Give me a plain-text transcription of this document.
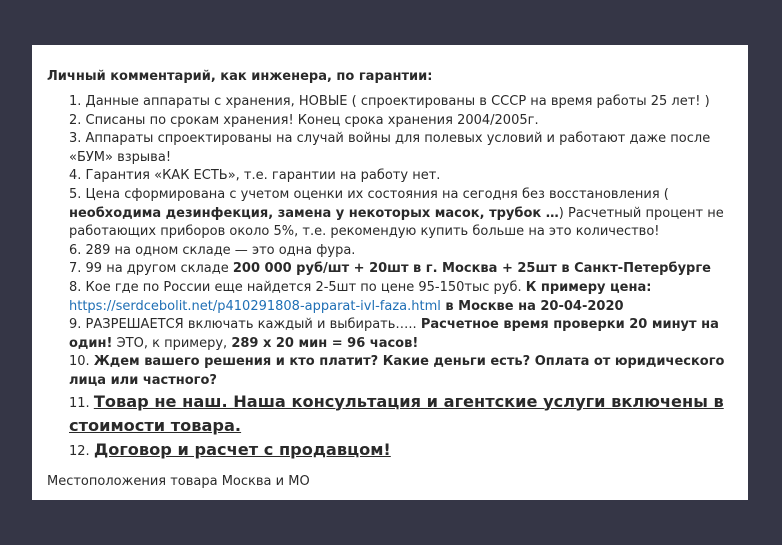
Личный комментарий, как инженера, по гарантии:
1. Данные аппараты с хранения, НОВЫЕ ( спроектированы в СССР на время работы 25 лет! )
2. Списаны по срокам хранения! Конец срока хранения 2004/2005г.
3. Аппараты спроектированы на случай войны для полевых условий и работают даже после «БУМ» взрыва!
4. Гарантия «КАК ЕСТЬ», т.е. гарантии на работу нет.
5. Цена сформирована с учетом оценки их состояния на сегодня без восстановления ( необходима дезинфекция, замена у некоторых масок, трубок …) Расчетный процент не работающих приборов около 5%, т.е. рекомендую купить больше на это количество!
6. 289 на одном складе — это одна фура.
7. 99 на другом складе 200 000 руб/шт + 20шт в г. Москва + 25шт в Санкт-Петербурге
8. Кое где по России еще найдется 2-5шт по цене 95-150тыс руб. К примеру цена: https://serdcebolit.net/p410291808-apparat-ivl-faza.html в Москве на 20-04-2020
9. РАЗРЕШАЕТСЯ включать каждый и выбирать….. Расчетное время проверки 20 минут на один! ЭТО, к примеру, 289 х 20 мин = 96 часов!
10. Ждем вашего решения и кто платит? Какие деньги есть? Оплата от юридического лица или частного?
11. Товар не наш. Наша консультация и агентские услуги включены в стоимости товара.
12. Договор и расчет с продавцом!
Местоположения товара Москва и МО
